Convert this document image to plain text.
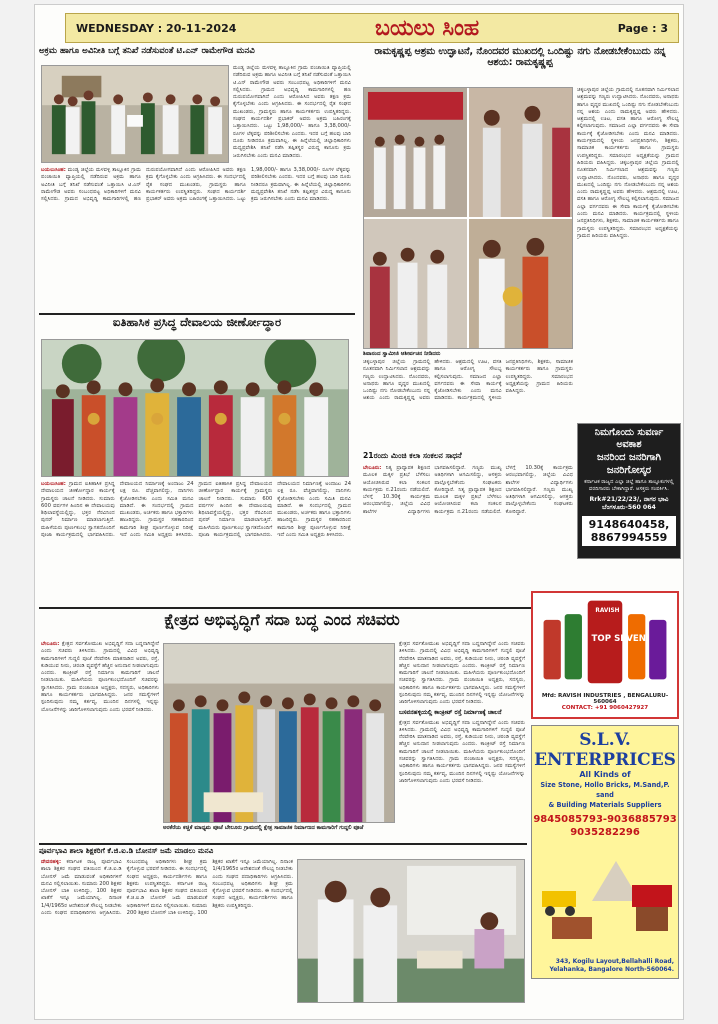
WEDNESDAY : 20-11-2024	ಬಯಲು ಸಿಂಹ	Page : 3
ಅಕ್ರಮ ಹಾಗೂ ಅವಿನೀತಿ ಬಗ್ಗೆ ತನಿಖೆ ನಡೆಸುವಂತೆ ಟಿ.ಎನ್ ರಾಮೇಗೌಡ ಮನವಿ
ಮಂಡ್ಯ ಜಿಲ್ಲೆಯ ಮಳವಳ್ಳಿ ತಾಲ್ಲೂಕಿನ ಗ್ರಾಮ ಪಂಚಾಯಿತಿ ವ್ಯಾಪ್ತಿಯಲ್ಲಿ ನಡೆದಿರುವ ಅಕ್ರಮ ಹಾಗೂ ಅವಿನೀತಿ ಬಗ್ಗೆ ತನಿಖೆ ನಡೆಸುವಂತೆ ಒತ್ತಾಯಿಸಿ ಟಿ.ಎನ್ ರಾಮೇಗೌಡ ಅವರು ಸಂಬಂಧಪಟ್ಟ ಅಧಿಕಾರಿಗಳಿಗೆ ಮನವಿ ಸಲ್ಲಿಸಿದರು. ಗ್ರಾಮದ ಅಭಿವೃದ್ಧಿ ಕಾಮಗಾರಿಗಳಲ್ಲಿ ಹಣ ದುರುಪಯೋಗವಾಗಿದೆ ಎಂದು ಆರೋಪಿಸಿದ ಅವರು ತಕ್ಷಣ ಕ್ರಮ ಕೈಗೊಳ್ಳಬೇಕು ಎಂದು ಆಗ್ರಹಿಸಿದರು. ಈ ಸಂದರ್ಭದಲ್ಲಿ ರೈತ ಸಂಘದ ಮುಖಂಡರು, ಗ್ರಾಮಸ್ಥರು ಹಾಗೂ ಕಾರ್ಯಕರ್ತರು ಉಪಸ್ಥಿತರಿದ್ದರು. ಸಂಘದ ಕಾರ್ಯದರ್ಶಿ ಪ್ರಭಾಕರ್ ಅವರು ಅಕ್ರಮ ಬಹಿರಂಗಕ್ಕೆ ಒತ್ತಾಯಿಸಿದರು. ಒಟ್ಟು 1,98,000/- ಹಾಗೂ 3,38,000/- ರೂಗಳ ಲೆಕ್ಕವನ್ನು ಪರಿಶೀಲಿಸಬೇಕು ಎಂದರು. ಇದರ ಬಗ್ಗೆ ಹಲವು ಬಾರಿ ದೂರು ನೀಡಿದರೂ ಕ್ರಮವಾಗಿಲ್ಲ. ಈ ಹಿನ್ನೆಲೆಯಲ್ಲಿ ಜಿಲ್ಲಾಧಿಕಾರಿಗಳು ಮಧ್ಯಪ್ರವೇಶಿಸಿ ತನಿಖೆ ನಡೆಸಿ ತಪ್ಪಿತಸ್ಥರ ವಿರುದ್ಧ ಕಾನೂನು ಕ್ರಮ ಜರುಗಿಸಬೇಕು ಎಂದು ಮನವಿ ಮಾಡಿದರು.
ಬಯಲುಸಿಂಹ: ಮಂಡ್ಯ ಜಿಲ್ಲೆಯ ಮಳವಳ್ಳಿ ತಾಲ್ಲೂಕಿನ ಗ್ರಾಮ ಪಂಚಾಯಿತಿ ವ್ಯಾಪ್ತಿಯಲ್ಲಿ ನಡೆದಿರುವ ಅಕ್ರಮ ಹಾಗೂ ಅವಿನೀತಿ ಬಗ್ಗೆ ತನಿಖೆ ನಡೆಸುವಂತೆ ಒತ್ತಾಯಿಸಿ ಟಿ.ಎನ್ ರಾಮೇಗೌಡ ಅವರು ಸಂಬಂಧಪಟ್ಟ ಅಧಿಕಾರಿಗಳಿಗೆ ಮನವಿ ಸಲ್ಲಿಸಿದರು. ಗ್ರಾಮದ ಅಭಿವೃದ್ಧಿ ಕಾಮಗಾರಿಗಳಲ್ಲಿ ಹಣ ದುರುಪಯೋಗವಾಗಿದೆ ಎಂದು ಆರೋಪಿಸಿದ ಅವರು ತಕ್ಷಣ ಕ್ರಮ ಕೈಗೊಳ್ಳಬೇಕು ಎಂದು ಆಗ್ರಹಿಸಿದರು. ಈ ಸಂದರ್ಭದಲ್ಲಿ ರೈತ ಸಂಘದ ಮುಖಂಡರು, ಗ್ರಾಮಸ್ಥರು ಹಾಗೂ ಕಾರ್ಯಕರ್ತರು ಉಪಸ್ಥಿತರಿದ್ದರು. ಸಂಘದ ಕಾರ್ಯದರ್ಶಿ ಪ್ರಭಾಕರ್ ಅವರು ಅಕ್ರಮ ಬಹಿರಂಗಕ್ಕೆ ಒತ್ತಾಯಿಸಿದರು. ಒಟ್ಟು 1,98,000/- ಹಾಗೂ 3,38,000/- ರೂಗಳ ಲೆಕ್ಕವನ್ನು ಪರಿಶೀಲಿಸಬೇಕು ಎಂದರು. ಇದರ ಬಗ್ಗೆ ಹಲವು ಬಾರಿ ದೂರು ನೀಡಿದರೂ ಕ್ರಮವಾಗಿಲ್ಲ. ಈ ಹಿನ್ನೆಲೆಯಲ್ಲಿ ಜಿಲ್ಲಾಧಿಕಾರಿಗಳು ಮಧ್ಯಪ್ರವೇಶಿಸಿ ತನಿಖೆ ನಡೆಸಿ ತಪ್ಪಿತಸ್ಥರ ವಿರುದ್ಧ ಕಾನೂನು ಕ್ರಮ ಜರುಗಿಸಬೇಕು ಎಂದು ಮನವಿ ಮಾಡಿದರು.
ಐತಿಹಾಸಿಕ ಪ್ರಸಿದ್ಧ ದೇವಾಲಯ ಜೀರ್ಣೋದ್ಧಾರ
ಬಯಲುಸಿಂಹ: ಗ್ರಾಮದ ಐತಿಹಾಸಿಕ ಪ್ರಸಿದ್ಧ ದೇವಾಲಯದ ಜೀರ್ಣೋದ್ಧಾರ ಕಾರ್ಯಕ್ಕೆ ಗ್ರಾಮಸ್ಥರು ಚಾಲನೆ ನೀಡಿದರು. ಸುಮಾರು 600 ವರ್ಷಗಳ ಹಿಂದಿನ ಈ ದೇವಾಲಯವು ಶಿಥಿಲಾವಸ್ಥೆಯಲ್ಲಿದ್ದು, ಭಕ್ತರ ನೆರವಿನಿಂದ ಪುನರ್ ನಿರ್ಮಾಣ ಮಾಡಲಾಗುತ್ತಿದೆ. ಮಹಿಳೆಯರು ಪೂರ್ಣಕುಂಭ ಸ್ವಾಗತದೊಂದಿಗೆ ಪೂಜಾ ಕಾರ್ಯಕ್ರಮದಲ್ಲಿ ಭಾಗವಹಿಸಿದರು. ದೇವಾಲಯದ ನಿರ್ಮಾಣಕ್ಕೆ ಅಂದಾಜು 24 ಲಕ್ಷ ರೂ. ವೆಚ್ಚವಾಗಲಿದ್ದು, ದಾನಿಗಳು ಕೈಜೋಡಿಸಬೇಕು ಎಂದು ಸಮಿತಿ ಮನವಿ ಮಾಡಿದೆ. ಈ ಸಂದರ್ಭದಲ್ಲಿ ಗ್ರಾಮದ ಮುಖಂಡರು, ಅರ್ಚಕರು ಹಾಗೂ ಭಕ್ತಾದಿಗಳು ಹಾಜರಿದ್ದರು. ಗ್ರಾಮಸ್ಥರ ಸಹಕಾರದಿಂದ ಕಾಮಗಾರಿ ಶೀಘ್ರ ಪೂರ್ಣಗೊಳ್ಳುವ ನಿರೀಕ್ಷೆ ಇದೆ ಎಂದು ಸಮಿತಿ ಅಧ್ಯಕ್ಷರು ತಿಳಿಸಿದರು. ಗ್ರಾಮದ ಐತಿಹಾಸಿಕ ಪ್ರಸಿದ್ಧ ದೇವಾಲಯದ ಜೀರ್ಣೋದ್ಧಾರ ಕಾರ್ಯಕ್ಕೆ ಗ್ರಾಮಸ್ಥರು ಚಾಲನೆ ನೀಡಿದರು. ಸುಮಾರು 600 ವರ್ಷಗಳ ಹಿಂದಿನ ಈ ದೇವಾಲಯವು ಶಿಥಿಲಾವಸ್ಥೆಯಲ್ಲಿದ್ದು, ಭಕ್ತರ ನೆರವಿನಿಂದ ಪುನರ್ ನಿರ್ಮಾಣ ಮಾಡಲಾಗುತ್ತಿದೆ. ಮಹಿಳೆಯರು ಪೂರ್ಣಕುಂಭ ಸ್ವಾಗತದೊಂದಿಗೆ ಪೂಜಾ ಕಾರ್ಯಕ್ರಮದಲ್ಲಿ ಭಾಗವಹಿಸಿದರು. ದೇವಾಲಯದ ನಿರ್ಮಾಣಕ್ಕೆ ಅಂದಾಜು 24 ಲಕ್ಷ ರೂ. ವೆಚ್ಚವಾಗಲಿದ್ದು, ದಾನಿಗಳು ಕೈಜೋಡಿಸಬೇಕು ಎಂದು ಸಮಿತಿ ಮನವಿ ಮಾಡಿದೆ. ಈ ಸಂದರ್ಭದಲ್ಲಿ ಗ್ರಾಮದ ಮುಖಂಡರು, ಅರ್ಚಕರು ಹಾಗೂ ಭಕ್ತಾದಿಗಳು ಹಾಜರಿದ್ದರು. ಗ್ರಾಮಸ್ಥರ ಸಹಕಾರದಿಂದ ಕಾಮಗಾರಿ ಶೀಘ್ರ ಪೂರ್ಣಗೊಳ್ಳುವ ನಿರೀಕ್ಷೆ ಇದೆ ಎಂದು ಸಮಿತಿ ಅಧ್ಯಕ್ಷರು ತಿಳಿಸಿದರು.
ರಾಮಕೃಷ್ಣಪ್ಪ ಆಶ್ರಮ ಉದ್ಘಾಟನೆ, ನೊಂದವರ ಮುಖದಲ್ಲಿ ಒಂದಿಷ್ಟು ನಗು ನೋಡಬೇಕೆಂಬುದು ನನ್ನ ಆಶಯ: ರಾಮಕೃಷ್ಣಪ್ಪ
ಶಿವಾನಂದ ಸ್ವಾಮೀಜಿ ಆಶೀರ್ವಚನ ನೀಡಿದರು
ಚಿಕ್ಕಬಳ್ಳಾಪುರ ಜಿಲ್ಲೆಯ ಗ್ರಾಮದಲ್ಲಿ ನೂತನವಾಗಿ ನಿರ್ಮಿಸಲಾದ ಆಶ್ರಮವನ್ನು ಗಣ್ಯರು ಉದ್ಘಾಟಿಸಿದರು. ನೊಂದವರು, ಅನಾಥರು ಹಾಗೂ ವೃದ್ಧರ ಮುಖದಲ್ಲಿ ಒಂದಿಷ್ಟು ನಗು ನೋಡಬೇಕೆಂಬುದು ನನ್ನ ಆಶಯ ಎಂದು ರಾಮಕೃಷ್ಣಪ್ಪ ಅವರು ಹೇಳಿದರು. ಆಶ್ರಮದಲ್ಲಿ ಊಟ, ವಸತಿ ಹಾಗೂ ಆರೋಗ್ಯ ಸೌಲಭ್ಯ ಕಲ್ಪಿಸಲಾಗುವುದು. ಸಮಾಜದ ಎಲ್ಲಾ ವರ್ಗದವರು ಈ ಸೇವಾ ಕಾರ್ಯಕ್ಕೆ ಕೈಜೋಡಿಸಬೇಕು ಎಂದು ಮನವಿ ಮಾಡಿದರು. ಕಾರ್ಯಕ್ರಮದಲ್ಲಿ ಸ್ಥಳೀಯ ಜನಪ್ರತಿನಿಧಿಗಳು, ಶಿಕ್ಷಕರು, ಸಾಮಾಜಿಕ ಕಾರ್ಯಕರ್ತರು ಹಾಗೂ ಗ್ರಾಮಸ್ಥರು ಉಪಸ್ಥಿತರಿದ್ದರು. ಸಮಾರಂಭದ ಅಧ್ಯಕ್ಷತೆಯನ್ನು ಗ್ರಾಮದ ಹಿರಿಯರು ವಹಿಸಿದ್ದರು. ಚಿಕ್ಕಬಳ್ಳಾಪುರ ಜಿಲ್ಲೆಯ ಗ್ರಾಮದಲ್ಲಿ ನೂತನವಾಗಿ ನಿರ್ಮಿಸಲಾದ ಆಶ್ರಮವನ್ನು ಗಣ್ಯರು ಉದ್ಘಾಟಿಸಿದರು. ನೊಂದವರು, ಅನಾಥರು ಹಾಗೂ ವೃದ್ಧರ ಮುಖದಲ್ಲಿ ಒಂದಿಷ್ಟು ನಗು ನೋಡಬೇಕೆಂಬುದು ನನ್ನ ಆಶಯ ಎಂದು ರಾಮಕೃಷ್ಣಪ್ಪ ಅವರು ಹೇಳಿದರು. ಆಶ್ರಮದಲ್ಲಿ ಊಟ, ವಸತಿ ಹಾಗೂ ಆರೋಗ್ಯ ಸೌಲಭ್ಯ ಕಲ್ಪಿಸಲಾಗುವುದು. ಸಮಾಜದ ಎಲ್ಲಾ ವರ್ಗದವರು ಈ ಸೇವಾ ಕಾರ್ಯಕ್ಕೆ ಕೈಜೋಡಿಸಬೇಕು ಎಂದು ಮನವಿ ಮಾಡಿದರು. ಕಾರ್ಯಕ್ರಮದಲ್ಲಿ ಸ್ಥಳೀಯ ಜನಪ್ರತಿನಿಧಿಗಳು, ಶಿಕ್ಷಕರು, ಸಾಮಾಜಿಕ ಕಾರ್ಯಕರ್ತರು ಹಾಗೂ ಗ್ರಾಮಸ್ಥರು ಉಪಸ್ಥಿತರಿದ್ದರು. ಸಮಾರಂಭದ ಅಧ್ಯಕ್ಷತೆಯನ್ನು ಗ್ರಾಮದ ಹಿರಿಯರು ವಹಿಸಿದ್ದರು.
ಚಿಕ್ಕಬಳ್ಳಾಪುರ ಜಿಲ್ಲೆಯ ಗ್ರಾಮದಲ್ಲಿ ನೂತನವಾಗಿ ನಿರ್ಮಿಸಲಾದ ಆಶ್ರಮವನ್ನು ಗಣ್ಯರು ಉದ್ಘಾಟಿಸಿದರು. ನೊಂದವರು, ಅನಾಥರು ಹಾಗೂ ವೃದ್ಧರ ಮುಖದಲ್ಲಿ ಒಂದಿಷ್ಟು ನಗು ನೋಡಬೇಕೆಂಬುದು ನನ್ನ ಆಶಯ ಎಂದು ರಾಮಕೃಷ್ಣಪ್ಪ ಅವರು ಹೇಳಿದರು. ಆಶ್ರಮದಲ್ಲಿ ಊಟ, ವಸತಿ ಹಾಗೂ ಆರೋಗ್ಯ ಸೌಲಭ್ಯ ಕಲ್ಪಿಸಲಾಗುವುದು. ಸಮಾಜದ ಎಲ್ಲಾ ವರ್ಗದವರು ಈ ಸೇವಾ ಕಾರ್ಯಕ್ಕೆ ಕೈಜೋಡಿಸಬೇಕು ಎಂದು ಮನವಿ ಮಾಡಿದರು. ಕಾರ್ಯಕ್ರಮದಲ್ಲಿ ಸ್ಥಳೀಯ ಜನಪ್ರತಿನಿಧಿಗಳು, ಶಿಕ್ಷಕರು, ಸಾಮಾಜಿಕ ಕಾರ್ಯಕರ್ತರು ಹಾಗೂ ಗ್ರಾಮಸ್ಥರು ಉಪಸ್ಥಿತರಿದ್ದರು. ಸಮಾರಂಭದ ಅಧ್ಯಕ್ಷತೆಯನ್ನು ಗ್ರಾಮದ ಹಿರಿಯರು ವಹಿಸಿದ್ದರು.
21ರಂದು ಮಿಂಚಿ ಕಲಾ ಸಂಕಲನ ಸಾಧನೆ
ಬೇಲೂರು: ನಿತ್ಯ ಪ್ರಾಧ್ಯಾಪಕ ಶಿಕ್ಷಣದ ಮೂಲಕ ಮಕ್ಕಳ ಪ್ರತಿಭೆ ಬೆಳೆಸಲು ಆಯೋಜಿಸಿರುವ ಕಲಾ ಸಂಕಲನ ಕಾರ್ಯಕ್ರಮ ನ.21ರಂದು ನಡೆಯಲಿದೆ. ಬೆಳಗ್ಗೆ 10.30ಕ್ಕೆ ಕಾರ್ಯಕ್ರಮ ಆರಂಭವಾಗಲಿದ್ದು, ಜಿಲ್ಲೆಯ ವಿವಿಧ ಶಾಲೆಗಳ ವಿದ್ಯಾರ್ಥಿಗಳು ಭಾಗವಹಿಸಲಿದ್ದಾರೆ. ಗಣ್ಯರು ಮುಖ್ಯ ಅತಿಥಿಗಳಾಗಿ ಆಗಮಿಸಲಿದ್ದು, ಆಸಕ್ತರು ಪಾಲ್ಗೊಳ್ಳಬೇಕೆಂದು ಸಂಘಟಕರು ಕೋರಿದ್ದಾರೆ. ನಿತ್ಯ ಪ್ರಾಧ್ಯಾಪಕ ಶಿಕ್ಷಣದ ಮೂಲಕ ಮಕ್ಕಳ ಪ್ರತಿಭೆ ಬೆಳೆಸಲು ಆಯೋಜಿಸಿರುವ ಕಲಾ ಸಂಕಲನ ಕಾರ್ಯಕ್ರಮ ನ.21ರಂದು ನಡೆಯಲಿದೆ. ಬೆಳಗ್ಗೆ 10.30ಕ್ಕೆ ಕಾರ್ಯಕ್ರಮ ಆರಂಭವಾಗಲಿದ್ದು, ಜಿಲ್ಲೆಯ ವಿವಿಧ ಶಾಲೆಗಳ ವಿದ್ಯಾರ್ಥಿಗಳು ಭಾಗವಹಿಸಲಿದ್ದಾರೆ. ಗಣ್ಯರು ಮುಖ್ಯ ಅತಿಥಿಗಳಾಗಿ ಆಗಮಿಸಲಿದ್ದು, ಆಸಕ್ತರು ಪಾಲ್ಗೊಳ್ಳಬೇಕೆಂದು ಸಂಘಟಕರು ಕೋರಿದ್ದಾರೆ.
ನಿಮಗೊಂದು ಸುವರ್ಣ ಅವಕಾಶ
ಜನರಿಂದ ಜನರಿಗಾಗಿ ಜನರಿಗೋಸ್ಕರ
ಕರ್ನಾಟಕ ರಾಜ್ಯದ ಎಲ್ಲಾ ಜಿಲ್ಲೆ ಹಾಗೂ ತಾಲ್ಲೂಕುಗಳಲ್ಲಿ ವರದಿಗಾರರು ಬೇಕಾಗಿದ್ದಾರೆ. ಆಸಕ್ತರು ಸಂಪರ್ಕಿಸಿ.
Rrk#21/22/23/, ನಾಗರ ಭಾವಿ ಬೆಂಗಳೂರು-560 064
9148640458, 8867994559
ಕ್ಷೇತ್ರದ ಅಭಿವೃದ್ಧಿಗೆ ಸದಾ ಬದ್ಧ ಎಂದ ಸಚಿವರು
ಬೇಲೂರು: ಕ್ಷೇತ್ರದ ಸರ್ವತೋಮುಖ ಅಭಿವೃದ್ಧಿಗೆ ಸದಾ ಬದ್ಧನಾಗಿದ್ದೇನೆ ಎಂದು ಸಚಿವರು ತಿಳಿಸಿದರು. ಗ್ರಾಮದಲ್ಲಿ ವಿವಿಧ ಅಭಿವೃದ್ಧಿ ಕಾಮಗಾರಿಗಳಿಗೆ ಗುದ್ದಲಿ ಪೂಜೆ ನೆರವೇರಿಸಿ ಮಾತನಾಡಿದ ಅವರು, ರಸ್ತೆ, ಕುಡಿಯುವ ನೀರು, ಚರಂಡಿ ವ್ಯವಸ್ಥೆಗೆ ಹೆಚ್ಚಿನ ಅನುದಾನ ನೀಡಲಾಗುವುದು ಎಂದರು. ಕಾಂಕ್ರೀಟ್ ರಸ್ತೆ ನಿರ್ಮಾಣ ಕಾಮಗಾರಿಗೆ ಚಾಲನೆ ನೀಡಲಾಯಿತು. ಮಹಿಳೆಯರು ಪೂರ್ಣಕುಂಭದೊಂದಿಗೆ ಸಚಿವರನ್ನು ಸ್ವಾಗತಿಸಿದರು. ಗ್ರಾಮ ಪಂಚಾಯಿತಿ ಅಧ್ಯಕ್ಷರು, ಸದಸ್ಯರು, ಅಧಿಕಾರಿಗಳು ಹಾಗೂ ಕಾರ್ಯಕರ್ತರು ಭಾಗವಹಿಸಿದ್ದರು. ಜನರ ಸಮಸ್ಯೆಗಳಿಗೆ ಸ್ಪಂದಿಸುವುದು ನಮ್ಮ ಕರ್ತವ್ಯ, ಮುಂದಿನ ದಿನಗಳಲ್ಲಿ ಇನ್ನಷ್ಟು ಯೋಜನೆಗಳನ್ನು ಜಾರಿಗೊಳಿಸಲಾಗುವುದು ಎಂದು ಭರವಸೆ ನೀಡಿದರು.
ಅರಕೆರೆಯ ಕಚ್ಚಿಕೆ ಮಾಧ್ಯಮ ಪೂಜೆ ಬೇಲೂರು ಗ್ರಾಮದಲ್ಲಿ ಕ್ಷೇತ್ರ ಸಾಮಾಜಿಕ ನಿರ್ಮಾಣದ ಕಾಮಗಾರಿಗೆ ಗುದ್ದಲಿ ಪೂಜೆ
ಕ್ಷೇತ್ರದ ಸರ್ವತೋಮುಖ ಅಭಿವೃದ್ಧಿಗೆ ಸದಾ ಬದ್ಧನಾಗಿದ್ದೇನೆ ಎಂದು ಸಚಿವರು ತಿಳಿಸಿದರು. ಗ್ರಾಮದಲ್ಲಿ ವಿವಿಧ ಅಭಿವೃದ್ಧಿ ಕಾಮಗಾರಿಗಳಿಗೆ ಗುದ್ದಲಿ ಪೂಜೆ ನೆರವೇರಿಸಿ ಮಾತನಾಡಿದ ಅವರು, ರಸ್ತೆ, ಕುಡಿಯುವ ನೀರು, ಚರಂಡಿ ವ್ಯವಸ್ಥೆಗೆ ಹೆಚ್ಚಿನ ಅನುದಾನ ನೀಡಲಾಗುವುದು ಎಂದರು. ಕಾಂಕ್ರೀಟ್ ರಸ್ತೆ ನಿರ್ಮಾಣ ಕಾಮಗಾರಿಗೆ ಚಾಲನೆ ನೀಡಲಾಯಿತು. ಮಹಿಳೆಯರು ಪೂರ್ಣಕುಂಭದೊಂದಿಗೆ ಸಚಿವರನ್ನು ಸ್ವಾಗತಿಸಿದರು. ಗ್ರಾಮ ಪಂಚಾಯಿತಿ ಅಧ್ಯಕ್ಷರು, ಸದಸ್ಯರು, ಅಧಿಕಾರಿಗಳು ಹಾಗೂ ಕಾರ್ಯಕರ್ತರು ಭಾಗವಹಿಸಿದ್ದರು. ಜನರ ಸಮಸ್ಯೆಗಳಿಗೆ ಸ್ಪಂದಿಸುವುದು ನಮ್ಮ ಕರ್ತವ್ಯ, ಮುಂದಿನ ದಿನಗಳಲ್ಲಿ ಇನ್ನಷ್ಟು ಯೋಜನೆಗಳನ್ನು ಜಾರಿಗೊಳಿಸಲಾಗುವುದು ಎಂದು ಭರವಸೆ ನೀಡಿದರು.
ಬಸವನಹಳ್ಳಿಯಲ್ಲಿ ಕಾಂಕ್ರೀಟ್ ರಸ್ತೆ ನಿರ್ಮಾಣಕ್ಕೆ ಚಾಲನೆ
ಕ್ಷೇತ್ರದ ಸರ್ವತೋಮುಖ ಅಭಿವೃದ್ಧಿಗೆ ಸದಾ ಬದ್ಧನಾಗಿದ್ದೇನೆ ಎಂದು ಸಚಿವರು ತಿಳಿಸಿದರು. ಗ್ರಾಮದಲ್ಲಿ ವಿವಿಧ ಅಭಿವೃದ್ಧಿ ಕಾಮಗಾರಿಗಳಿಗೆ ಗುದ್ದಲಿ ಪೂಜೆ ನೆರವೇರಿಸಿ ಮಾತನಾಡಿದ ಅವರು, ರಸ್ತೆ, ಕುಡಿಯುವ ನೀರು, ಚರಂಡಿ ವ್ಯವಸ್ಥೆಗೆ ಹೆಚ್ಚಿನ ಅನುದಾನ ನೀಡಲಾಗುವುದು ಎಂದರು. ಕಾಂಕ್ರೀಟ್ ರಸ್ತೆ ನಿರ್ಮಾಣ ಕಾಮಗಾರಿಗೆ ಚಾಲನೆ ನೀಡಲಾಯಿತು. ಮಹಿಳೆಯರು ಪೂರ್ಣಕುಂಭದೊಂದಿಗೆ ಸಚಿವರನ್ನು ಸ್ವಾಗತಿಸಿದರು. ಗ್ರಾಮ ಪಂಚಾಯಿತಿ ಅಧ್ಯಕ್ಷರು, ಸದಸ್ಯರು, ಅಧಿಕಾರಿಗಳು ಹಾಗೂ ಕಾರ್ಯಕರ್ತರು ಭಾಗವಹಿಸಿದ್ದರು. ಜನರ ಸಮಸ್ಯೆಗಳಿಗೆ ಸ್ಪಂದಿಸುವುದು ನಮ್ಮ ಕರ್ತವ್ಯ, ಮುಂದಿನ ದಿನಗಳಲ್ಲಿ ಇನ್ನಷ್ಟು ಯೋಜನೆಗಳನ್ನು ಜಾರಿಗೊಳಿಸಲಾಗುವುದು ಎಂದು ಭರವಸೆ ನೀಡಿದರು.
TOP SEVEN
RAVISH
Mfd: RAVISH INDUSTRIES , BENGALURU-560064
CONTACT: +91 9060427927
S.L.V. ENTERPRICES
All Kinds of
Size Stone, Hollo Bricks, M.Sand,P. sand
& Building Materials Suppliers
9845085793-9036885793
9035282296
343, Kogilu Layout,Bellahalli Road,
Yelahanka, Bangalore North-560064.
ಪೂರ್ವಭಾವಿ ಶಾಲಾ ಶಿಕ್ಷಕರಿಗೆ ಕೆ.ಜಿ.ಐ.ಡಿ ಬೋನಸ್ ಜಮೆ ಮಾಡಲು ಮನವಿ
ದೇವನಹಳ್ಳಿ: ಕರ್ನಾಟಕ ರಾಜ್ಯ ಪೂರ್ವಭಾವಿ ಶಾಲಾ ಶಿಕ್ಷಕರ ಸಂಘದ ವತಿಯಿಂದ ಕೆ.ಜಿ.ಐ.ಡಿ ಬೋನಸ್ ಜಮೆ ಮಾಡುವಂತೆ ಅಧಿಕಾರಿಗಳಿಗೆ ಮನವಿ ಸಲ್ಲಿಸಲಾಯಿತು. ಸುಮಾರು 200 ಶಿಕ್ಷಕರ ಬೋನಸ್ ಬಾಕಿ ಉಳಿದಿದ್ದು, 100 ಶಿಕ್ಷಕರ ಖಾತೆಗೆ ಇನ್ನೂ ಜಮೆಯಾಗಿಲ್ಲ. ದಿನಾಂಕ 1/4/1965ರ ಆದೇಶದಂತೆ ಸೌಲಭ್ಯ ನೀಡಬೇಕು ಎಂದು ಸಂಘದ ಪದಾಧಿಕಾರಿಗಳು ಆಗ್ರಹಿಸಿದರು. ಸಂಬಂಧಪಟ್ಟ ಅಧಿಕಾರಿಗಳು ಶೀಘ್ರ ಕ್ರಮ ಕೈಗೊಳ್ಳುವ ಭರವಸೆ ನೀಡಿದರು. ಈ ಸಂದರ್ಭದಲ್ಲಿ ಸಂಘದ ಅಧ್ಯಕ್ಷರು, ಕಾರ್ಯದರ್ಶಿಗಳು ಹಾಗೂ ಶಿಕ್ಷಕರು ಉಪಸ್ಥಿತರಿದ್ದರು. ಕರ್ನಾಟಕ ರಾಜ್ಯ ಪೂರ್ವಭಾವಿ ಶಾಲಾ ಶಿಕ್ಷಕರ ಸಂಘದ ವತಿಯಿಂದ ಕೆ.ಜಿ.ಐ.ಡಿ ಬೋನಸ್ ಜಮೆ ಮಾಡುವಂತೆ ಅಧಿಕಾರಿಗಳಿಗೆ ಮನವಿ ಸಲ್ಲಿಸಲಾಯಿತು. ಸುಮಾರು 200 ಶಿಕ್ಷಕರ ಬೋನಸ್ ಬಾಕಿ ಉಳಿದಿದ್ದು, 100 ಶಿಕ್ಷಕರ ಖಾತೆಗೆ ಇನ್ನೂ ಜಮೆಯಾಗಿಲ್ಲ. ದಿನಾಂಕ 1/4/1965ರ ಆದೇಶದಂತೆ ಸೌಲಭ್ಯ ನೀಡಬೇಕು ಎಂದು ಸಂಘದ ಪದಾಧಿಕಾರಿಗಳು ಆಗ್ರಹಿಸಿದರು. ಸಂಬಂಧಪಟ್ಟ ಅಧಿಕಾರಿಗಳು ಶೀಘ್ರ ಕ್ರಮ ಕೈಗೊಳ್ಳುವ ಭರವಸೆ ನೀಡಿದರು. ಈ ಸಂದರ್ಭದಲ್ಲಿ ಸಂಘದ ಅಧ್ಯಕ್ಷರು, ಕಾರ್ಯದರ್ಶಿಗಳು ಹಾಗೂ ಶಿಕ್ಷಕರು ಉಪಸ್ಥಿತರಿದ್ದರು.
